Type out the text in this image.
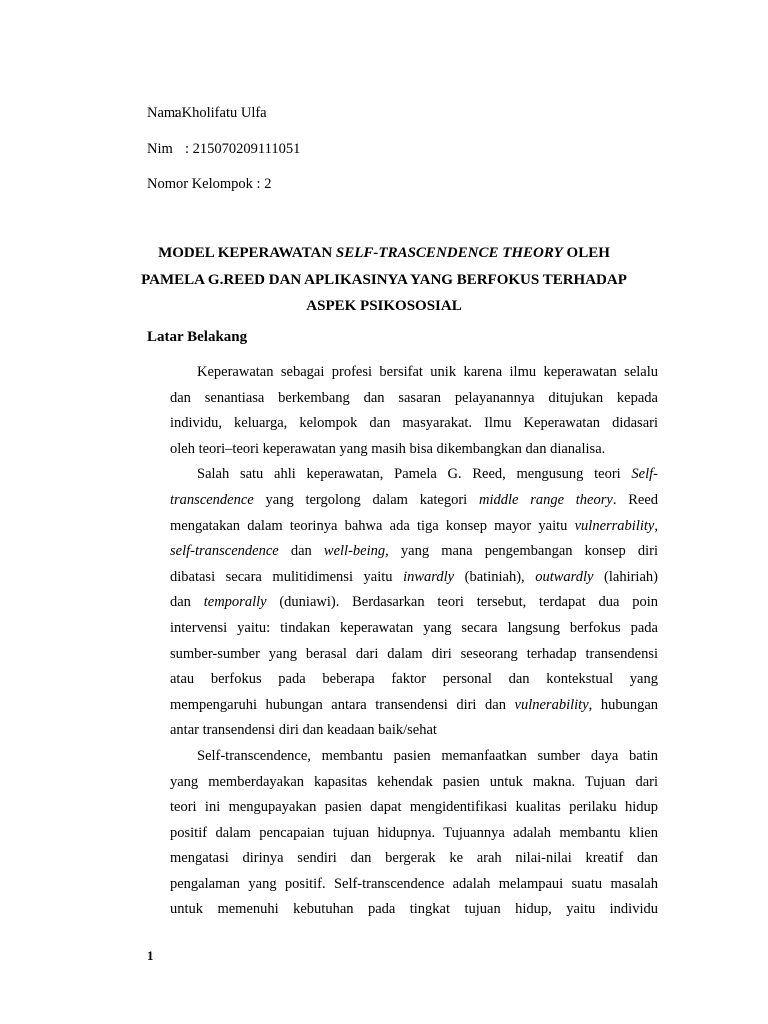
Nama: Kholifatu Ulfa
Nim : 215070209111051
Nomor Kelompok : 2
MODEL KEPERAWATAN SELF-TRASCENDENCE THEORY OLEH
PAMELA G.REED DAN APLIKASINYA YANG BERFOKUS TERHADAP
ASPEK PSIKOSOSIAL
Latar Belakang
Keperawatan sebagai profesi bersifat unik karena ilmu keperawatan selalu
dan senantiasa berkembang dan sasaran pelayanannya ditujukan kepada
individu, keluarga, kelompok dan masyarakat. Ilmu Keperawatan didasari
oleh teori–teori keperawatan yang masih bisa dikembangkan dan dianalisa.
Salah satu ahli keperawatan, Pamela G. Reed, mengusung teori Self-
transcendence yang tergolong dalam kategori middle range theory. Reed
mengatakan dalam teorinya bahwa ada tiga konsep mayor yaitu vulnerrability,
self-transcendence dan well-being, yang mana pengembangan konsep diri
dibatasi secara mulitidimensi yaitu inwardly (batiniah), outwardly (lahiriah)
dan temporally (duniawi). Berdasarkan teori tersebut, terdapat dua poin
intervensi yaitu: tindakan keperawatan yang secara langsung berfokus pada
sumber-sumber yang berasal dari dalam diri seseorang terhadap transendensi
atau berfokus pada beberapa faktor personal dan kontekstual yang
mempengaruhi hubungan antara transendensi diri dan vulnerability, hubungan
antar transendensi diri dan keadaan baik/sehat
Self-transcendence, membantu pasien memanfaatkan sumber daya batin
yang memberdayakan kapasitas kehendak pasien untuk makna. Tujuan dari
teori ini mengupayakan pasien dapat mengidentifikasi kualitas perilaku hidup
positif dalam pencapaian tujuan hidupnya. Tujuannya adalah membantu klien
mengatasi dirinya sendiri dan bergerak ke arah nilai-nilai kreatif dan
pengalaman yang positif. Self-transcendence adalah melampaui suatu masalah
untuk memenuhi kebutuhan pada tingkat tujuan hidup, yaitu individu
1
